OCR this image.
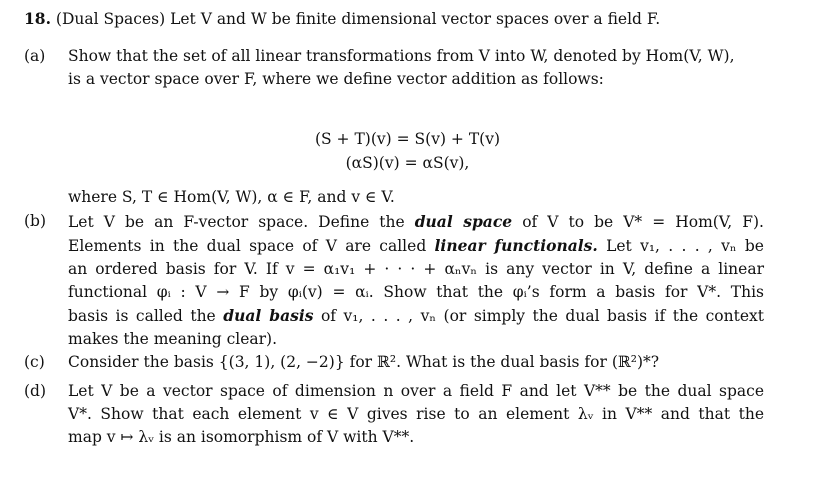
18. (Dual Spaces) Let V and W be finite dimensional vector spaces over a field F.
(a)	Show that the set of all linear transformations from V into W, denoted by Hom(V, W),
is a vector space over F, where we define vector addition as follows:
(S + T)(v) = S(v) + T(v)
(αS)(v) = αS(v),
where S, T ∈ Hom(V, W), α ∈ F, and v ∈ V.
(b)	Let V be an F-vector space. Define the dual space of V to be V* = Hom(V, F).
Elements in the dual space of V are called linear functionals. Let v₁, . . . , vₙ be
an ordered basis for V. If v = α₁v₁ + · · · + αₙvₙ is any vector in V, define a linear
functional φᵢ : V → F by φᵢ(v) = αᵢ. Show that the φᵢ’s form a basis for V*. This
basis is called the dual basis of v₁, . . . , vₙ (or simply the dual basis if the context
makes the meaning clear).
(c)	Consider the basis {(3, 1), (2, −2)} for ℝ². What is the dual basis for (ℝ²)*?
(d)	Let V be a vector space of dimension n over a field F and let V** be the dual space
V*. Show that each element v ∈ V gives rise to an element λᵥ in V** and that the
map v ↦ λᵥ is an isomorphism of V with V**.
